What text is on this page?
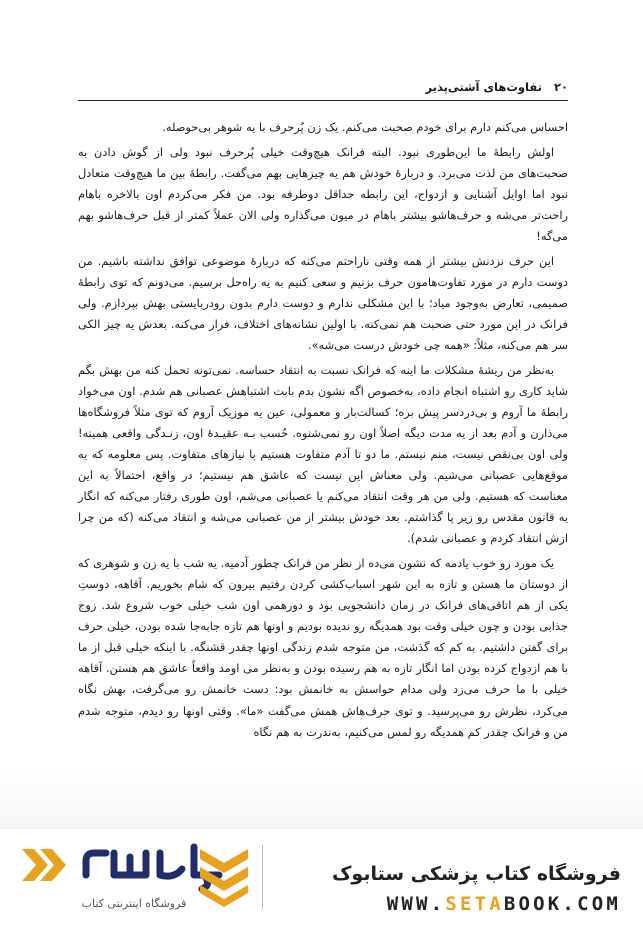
۲۰ تفاوت‌های آشتی‌پذیر

احساس می‌کنم دارم برای خودم صحبت می‌کنم. یک زن پُرحرف با یه شوهر بی‌حوصله.

اولش رابطهٔ ما این‌طوری نبود. البته فرانک هیچ‌وقت خیلی پُرحرف نبود ولی از گوش دادن به صحبت‌های من لذت می‌برد. و دربارهٔ خودش هم یه چیزهایی بهم می‌گفت. رابطهٔ بین ما هیچ‌وقت متعادل نبود اما اوایل آشنایی و ازدواج، این رابطه حداقل دوطرفه بود. من فکر می‌کردم اون بالاخره باهام راحت‌تر می‌شه و حرف‌هاشو بیشتر باهام در میون می‌گذاره ولی الان عملاً کمتر از قبل حرف‌هاشو بهم می‌گه!

این حرف نزدنش بیشتر از همه وقتی ناراحتم می‌کنه که دربارهٔ موضوعی توافق نداشته باشیم. من دوست دارم در مورد تفاوت‌هامون حرف بزنیم و سعی کنیم به یه راه‌حل برسیم. می‌دونم که توی رابطهٔ صمیمی، تعارض به‌وجود میاد؛ با این مشکلی ندارم و دوست دارم بدون رودربایستی بهش بپردازم. ولی فرانک در این مورد حتی صحبت هم نمی‌کنه. با اولین نشانه‌های اختلاف، فرار می‌کنه. بعدش یه چیز الکی سر هم می‌کنه، مثلاً: «همه چی خودش درست می‌شه».

به‌نظر من ریشهٔ مشکلات ما اینه که فرانک نسبت به انتقاد حساسه. نمی‌تونه تحمل کنه من بهش بگم شاید کاری رو اشتباه انجام داده، به‌خصوص اگه نشون بدم بابت اشتباهش عصبانی هم شدم. اون می‌خواد رابطهٔ ما آروم و بی‌دردسر پیش بره؛ کسالت‌بار و معمولی، عین یه موزیک آروم که توی مثلاً فروشگاه‌ها می‌ذارن و آدم بعد از یه مدت دیگه اصلاً اون رو نمی‌شنوه. حُسب بـه عقیـدهٔ اون، زنـدگی واقعی همینه! ولی اون بی‌نقص نیست، منم نیستم. ما دو تا آدم متفاوت هستیم با نیازهای متفاوت. پس معلومه که یه موقع‌هایی عصبانی می‌شیم. ولی معناش این نیست که عاشق هم نیستیم؛ در واقع، احتمالاً به این معناست که هستیم. ولی من هر وقت انتقاد می‌کنم یا عصبانی می‌شم، اون طوری رفتار می‌کنه که انگار یه قانون مقدس رو زیر پا گذاشتم. بعد خودش بیشتر از من عصبانی می‌شه و انتقاد می‌کنه (که من چرا ازش انتقاد کردم و عصبانی شدم).

یک مورد رو خوب یادمه که نشون می‌ده از نظر من فرانک چطور آدمیه. یه شب با یه زن و شوهری که از دوستان ما هستن و تازه به این شهر اسباب‌کشی کردن رفتیم بیرون که شام بخوریم. آقاهه، دوستِ یکی از هم اتاقی‌های فرانک در زمان دانشجویی بود و دورهمی اون شب خیلی خوب شروع شد. زوج جذابی بودن و چون خیلی وقت بود همدیگه رو ندیده بودیم و اونها هم تازه جابه‌جا شده بودن، خیلی حرف برای گفتن داشتیم. به کم که گذشت، من متوجه شدم زندگی اونها چقدر قشنگه. با اینکه خیلی قبل از ما با هم ازدواج کرده بودن اما انگار تازه به هم رسیده بودن و به‌نظر می اومد واقعاً عاشق هم هستن. آقاهه خیلی با ما حرف می‌زد ولی مدام حواسش به خانمش بود: دست خانمش رو می‌گرفت، بهش نگاه می‌کرد، نظرش رو می‌پرسید. و توی حرف‌هاش همش می‌گفت «ما». وقتی اونها رو دیدم، متوجه شدم من و فرانک چقدر کم همدیگه رو لمس می‌کنیم، به‌ندرت به هم نگاه

فروشگاه اینترنتی کتاب
فروشگاه کتاب پزشکی ستابوک
WWW.SETABOOK.COM
